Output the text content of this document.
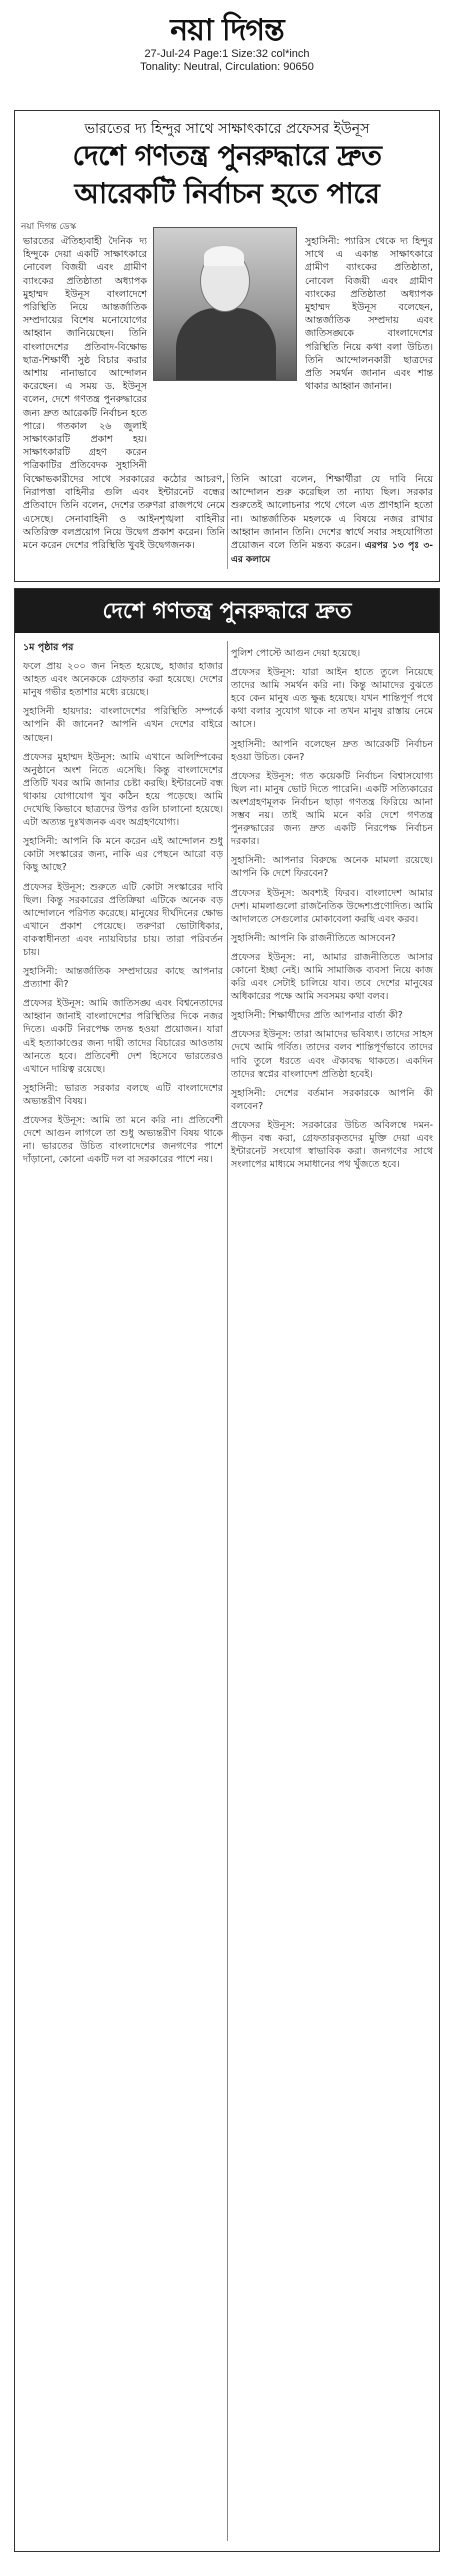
নয়া দিগন্ত
27-Jul-24 Page:1 Size:32 col*inch
Tonality: Neutral, Circulation: 90650
ভারতের দ্য হিন্দুর সাথে সাক্ষাৎকারে প্রফেসর ইউনূস
দেশে গণতন্ত্র পুনরুদ্ধারে দ্রুত আরেকটি নির্বাচন হতে পারে
নয়া দিগন্ত ডেস্ক
ভারতের ঐতিহ্যবাহী দৈনিক দ্য হিন্দুকে দেয়া একটি সাক্ষাৎকারে নোবেল বিজয়ী এবং গ্রামীণ ব্যাংকের প্রতিষ্ঠাতা অধ্যাপক মুহাম্মদ ইউনূস বাংলাদেশে পরিস্থিতি নিয়ে আন্তর্জাতিক সম্প্রদায়ের বিশেষ মনোযোগের আহ্বান জানিয়েছেন। তিনি বাংলাদেশের প্রতিবাদ-বিক্ষোভ ছাত্র-শিক্ষার্থী সুষ্ঠ বিচার করার আশায় নানাভাবে আন্দোলন করেছেন। এ সময় ড. ইউনূস বলেন, দেশে গণতন্ত্র পুনরুদ্ধারের জন্য দ্রুত আরেকটি নির্বাচন হতে পারে। গতকাল ২৬ জুলাই সাক্ষাৎকারটি প্রকাশ হয়। সাক্ষাৎকারটি গ্রহণ করেন পত্রিকাটির প্রতিবেদক সুহাসিনী
সুহাসিনী: প্যারিস থেকে দ্য হিন্দুর সাথে এ একান্ত সাক্ষাৎকারে গ্রামীণ ব্যাংকের প্রতিষ্ঠাতা, নোবেল বিজয়ী এবং গ্রামীণ ব্যাংকের প্রতিষ্ঠাতা অধ্যাপক মুহাম্মদ ইউনূস বলেছেন, আন্তর্জাতিক সম্প্রদায় এবং জাতিসঙ্ঘকে বাংলাদেশের পরিস্থিতি নিয়ে কথা বলা উচিত। তিনি আন্দোলনকারী ছাত্রদের প্রতি সমর্থন জানান এবং শান্ত থাকার আহ্বান জানান।
বিক্ষোভকারীদের সাথে সরকারের কঠোর আচরণ, নিরাপত্তা বাহিনীর গুলি এবং ইন্টারনেট বন্ধের প্রতিবাদে তিনি বলেন, দেশের তরুণরা রাজপথে নেমে এসেছে। সেনাবাহিনী ও আইনশৃঙ্খলা বাহিনীর অতিরিক্ত বলপ্রয়োগ নিয়ে উদ্বেগ প্রকাশ করেন। তিনি মনে করেন দেশের পরিস্থিতি খুবই উদ্বেগজনক।
তিনি আরো বলেন, শিক্ষার্থীরা যে দাবি নিয়ে আন্দোলন শুরু করেছিল তা ন্যায্য ছিল। সরকার শুরুতেই আলোচনার পথে গেলে এত প্রাণহানি হতো না। আন্তর্জাতিক মহলকে এ বিষয়ে নজর রাখার আহ্বান জানান তিনি। দেশের স্বার্থে সবার সহযোগিতা প্রয়োজন বলে তিনি মন্তব্য করেন। এরপর ১৩ পৃঃ ৩-এর কলামে
দেশে গণতন্ত্র পুনরুদ্ধারে দ্রুত
১ম পৃষ্ঠার পর
ফলে প্রায় ২০০ জন নিহত হয়েছে, হাজার হাজার আহত এবং অনেককে গ্রেফতার করা হয়েছে। দেশের মানুষ গভীর হতাশার মধ্যে রয়েছে।
সুহাসিনী হায়দার: বাংলাদেশের পরিস্থিতি সম্পর্কে আপনি কী জানেন? আপনি এখন দেশের বাইরে আছেন।
প্রফেসর মুহাম্মদ ইউনূস: আমি এখানে অলিম্পিকের অনুষ্ঠানে অংশ নিতে এসেছি। কিন্তু বাংলাদেশের প্রতিটি খবর আমি জানার চেষ্টা করছি। ইন্টারনেট বন্ধ থাকায় যোগাযোগ খুব কঠিন হয়ে পড়েছে। আমি দেখেছি কিভাবে ছাত্রদের উপর গুলি চালানো হয়েছে। এটা অত্যন্ত দুঃখজনক এবং অগ্রহণযোগ্য।
সুহাসিনী: আপনি কি মনে করেন এই আন্দোলন শুধু কোটা সংস্কারের জন্য, নাকি এর পেছনে আরো বড় কিছু আছে?
প্রফেসর ইউনূস: শুরুতে এটি কোটা সংস্কারের দাবি ছিল। কিন্তু সরকারের প্রতিক্রিয়া এটিকে অনেক বড় আন্দোলনে পরিণত করেছে। মানুষের দীর্ঘদিনের ক্ষোভ এখানে প্রকাশ পেয়েছে। তরুণরা ভোটাধিকার, বাকস্বাধীনতা এবং ন্যায়বিচার চায়। তারা পরিবর্তন চায়।
সুহাসিনী: আন্তর্জাতিক সম্প্রদায়ের কাছে আপনার প্রত্যাশা কী?
প্রফেসর ইউনূস: আমি জাতিসঙ্ঘ এবং বিশ্বনেতাদের আহ্বান জানাই বাংলাদেশের পরিস্থিতির দিকে নজর দিতে। একটি নিরপেক্ষ তদন্ত হওয়া প্রয়োজন। যারা এই হত্যাকাণ্ডের জন্য দায়ী তাদের বিচারের আওতায় আনতে হবে। প্রতিবেশী দেশ হিসেবে ভারতেরও এখানে দায়িত্ব রয়েছে।
সুহাসিনী: ভারত সরকার বলছে এটি বাংলাদেশের অভ্যন্তরীণ বিষয়।
প্রফেসর ইউনূস: আমি তা মনে করি না। প্রতিবেশী দেশে আগুন লাগলে তা শুধু অভ্যন্তরীণ বিষয় থাকে না। ভারতের উচিত বাংলাদেশের জনগণের পাশে দাঁড়ানো, কোনো একটি দল বা সরকারের পাশে নয়।
পুলিশ পোস্টে আগুন দেয়া হয়েছে।
প্রফেসর ইউনূস: যারা আইন হাতে তুলে নিয়েছে তাদের আমি সমর্থন করি না। কিন্তু আমাদের বুঝতে হবে কেন মানুষ এত ক্ষুব্ধ হয়েছে। যখন শান্তিপূর্ণ পথে কথা বলার সুযোগ থাকে না তখন মানুষ রাস্তায় নেমে আসে।
সুহাসিনী: আপনি বলেছেন দ্রুত আরেকটি নির্বাচন হওয়া উচিত। কেন?
প্রফেসর ইউনূস: গত কয়েকটি নির্বাচন বিশ্বাসযোগ্য ছিল না। মানুষ ভোট দিতে পারেনি। একটি সত্যিকারের অংশগ্রহণমূলক নির্বাচন ছাড়া গণতন্ত্র ফিরিয়ে আনা সম্ভব নয়। তাই আমি মনে করি দেশে গণতন্ত্র পুনরুদ্ধারের জন্য দ্রুত একটি নিরপেক্ষ নির্বাচন দরকার।
সুহাসিনী: আপনার বিরুদ্ধে অনেক মামলা রয়েছে। আপনি কি দেশে ফিরবেন?
প্রফেসর ইউনূস: অবশ্যই ফিরব। বাংলাদেশ আমার দেশ। মামলাগুলো রাজনৈতিক উদ্দেশ্যপ্রণোদিত। আমি আদালতে সেগুলোর মোকাবেলা করছি এবং করব।
সুহাসিনী: আপনি কি রাজনীতিতে আসবেন?
প্রফেসর ইউনূস: না, আমার রাজনীতিতে আসার কোনো ইচ্ছা নেই। আমি সামাজিক ব্যবসা নিয়ে কাজ করি এবং সেটাই চালিয়ে যাব। তবে দেশের মানুষের অধিকারের পক্ষে আমি সবসময় কথা বলব।
সুহাসিনী: শিক্ষার্থীদের প্রতি আপনার বার্তা কী?
প্রফেসর ইউনূস: তারা আমাদের ভবিষ্যৎ। তাদের সাহস দেখে আমি গর্বিত। তাদের বলব শান্তিপূর্ণভাবে তাদের দাবি তুলে ধরতে এবং ঐক্যবদ্ধ থাকতে। একদিন তাদের স্বপ্নের বাংলাদেশ প্রতিষ্ঠা হবেই।
সুহাসিনী: দেশের বর্তমান সরকারকে আপনি কী বলবেন?
প্রফেসর ইউনূস: সরকারের উচিত অবিলম্বে দমন-পীড়ন বন্ধ করা, গ্রেফতারকৃতদের মুক্তি দেয়া এবং ইন্টারনেট সংযোগ স্বাভাবিক করা। জনগণের সাথে সংলাপের মাধ্যমে সমাধানের পথ খুঁজতে হবে।
